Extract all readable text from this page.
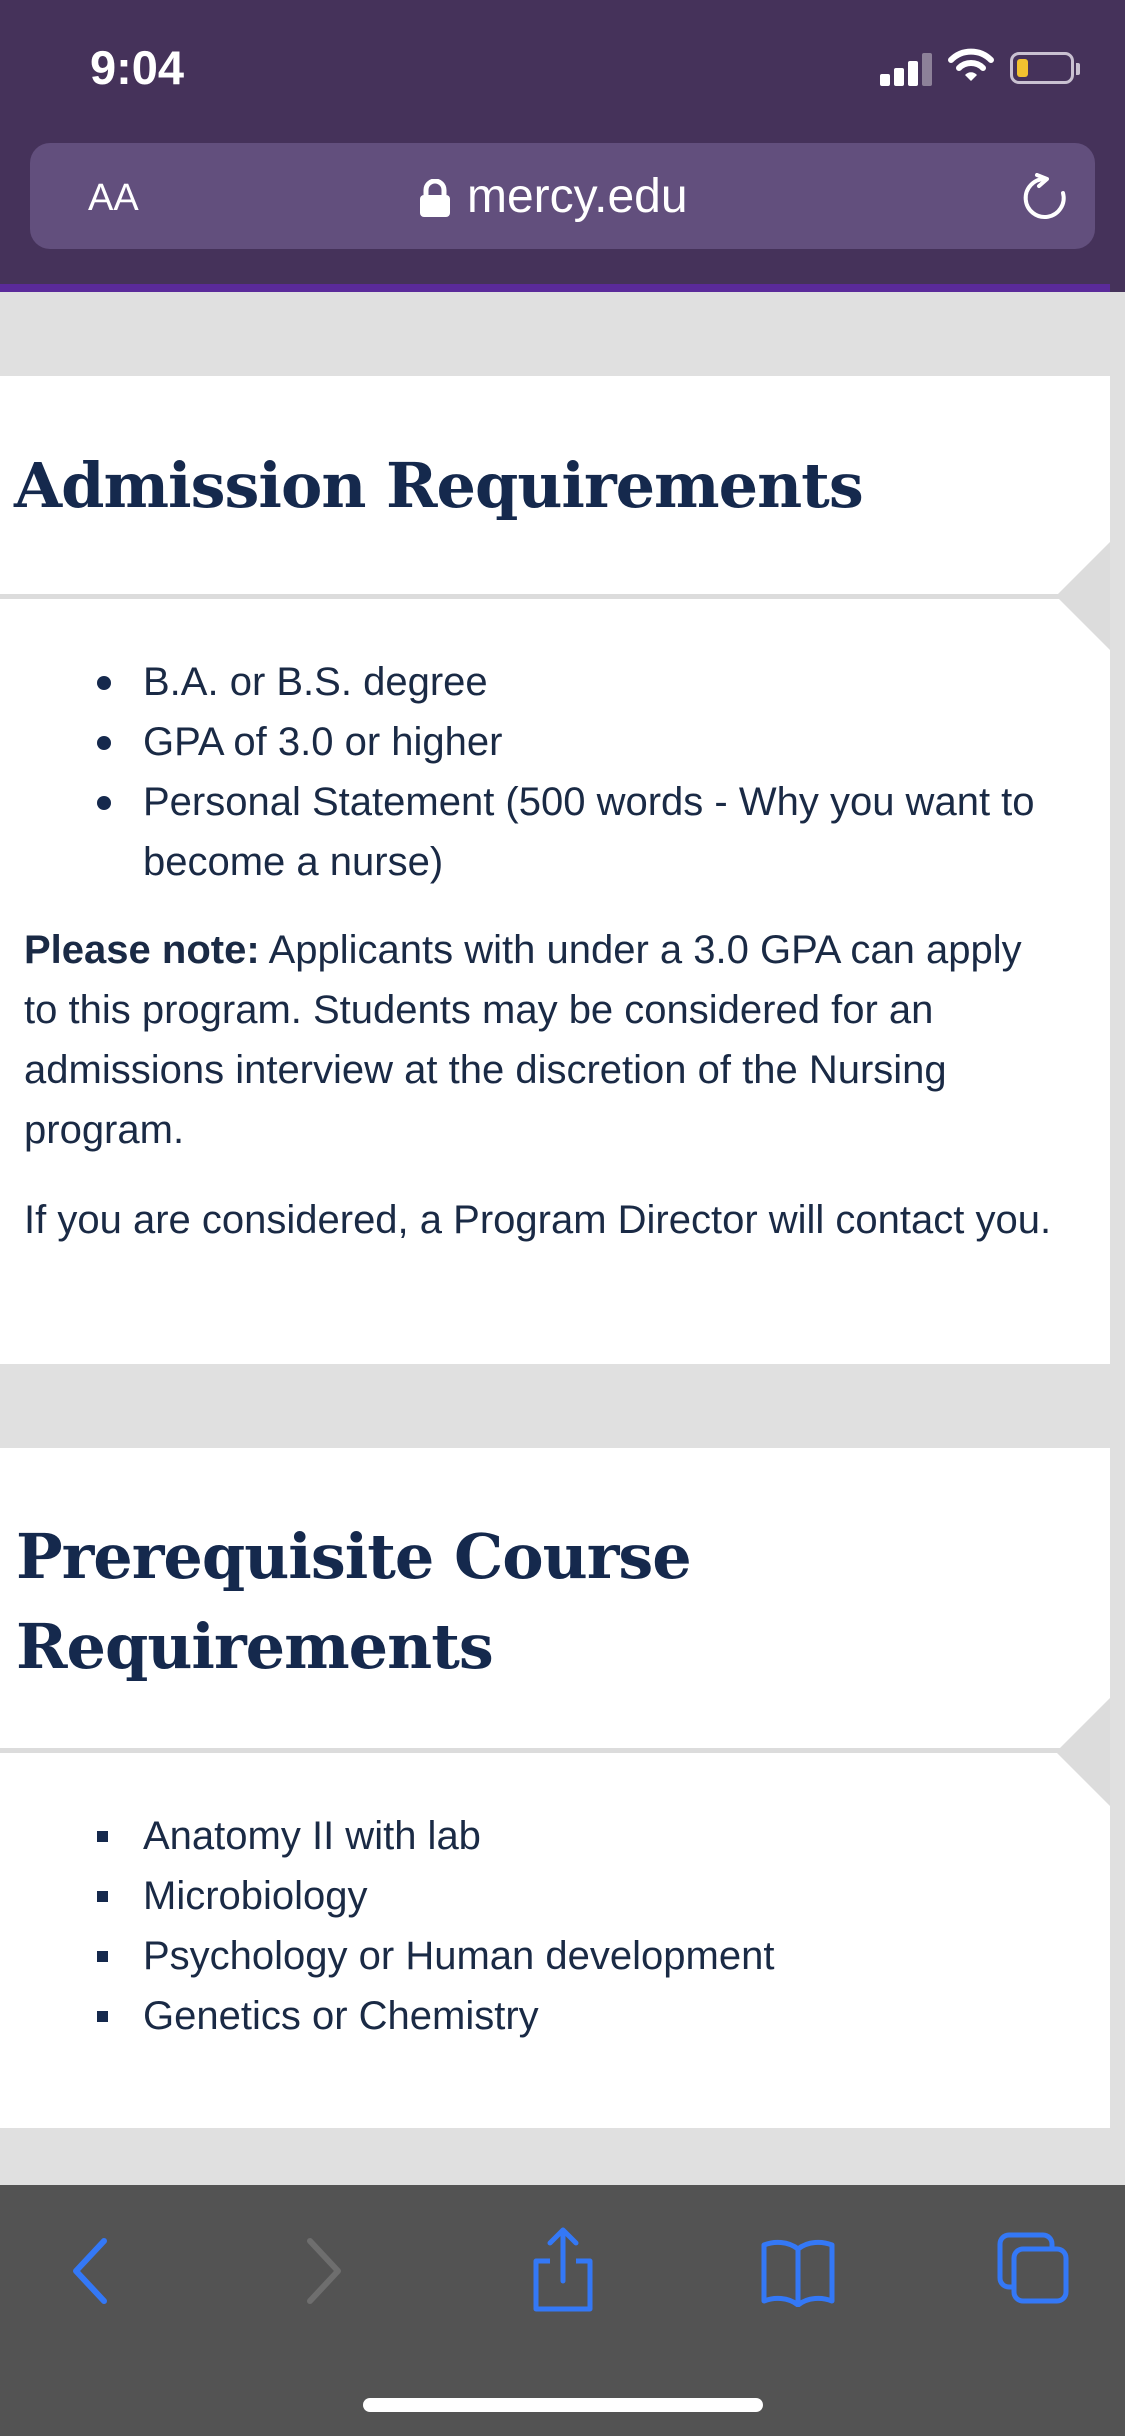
9:04
AA	mercy.edu
Admission Requirements
B.A. or B.S. degree
GPA of 3.0 or higher
Personal Statement (500 words - Why you want to become a nurse)

Please note: Applicants with under a 3.0 GPA can apply to this program. Students may be considered for an admissions interview at the discretion of the Nursing program.

If you are considered, a Program Director will contact you.

Prerequisite Course Requirements
Anatomy II with lab
Microbiology
Psychology or Human development
Genetics or Chemistry
